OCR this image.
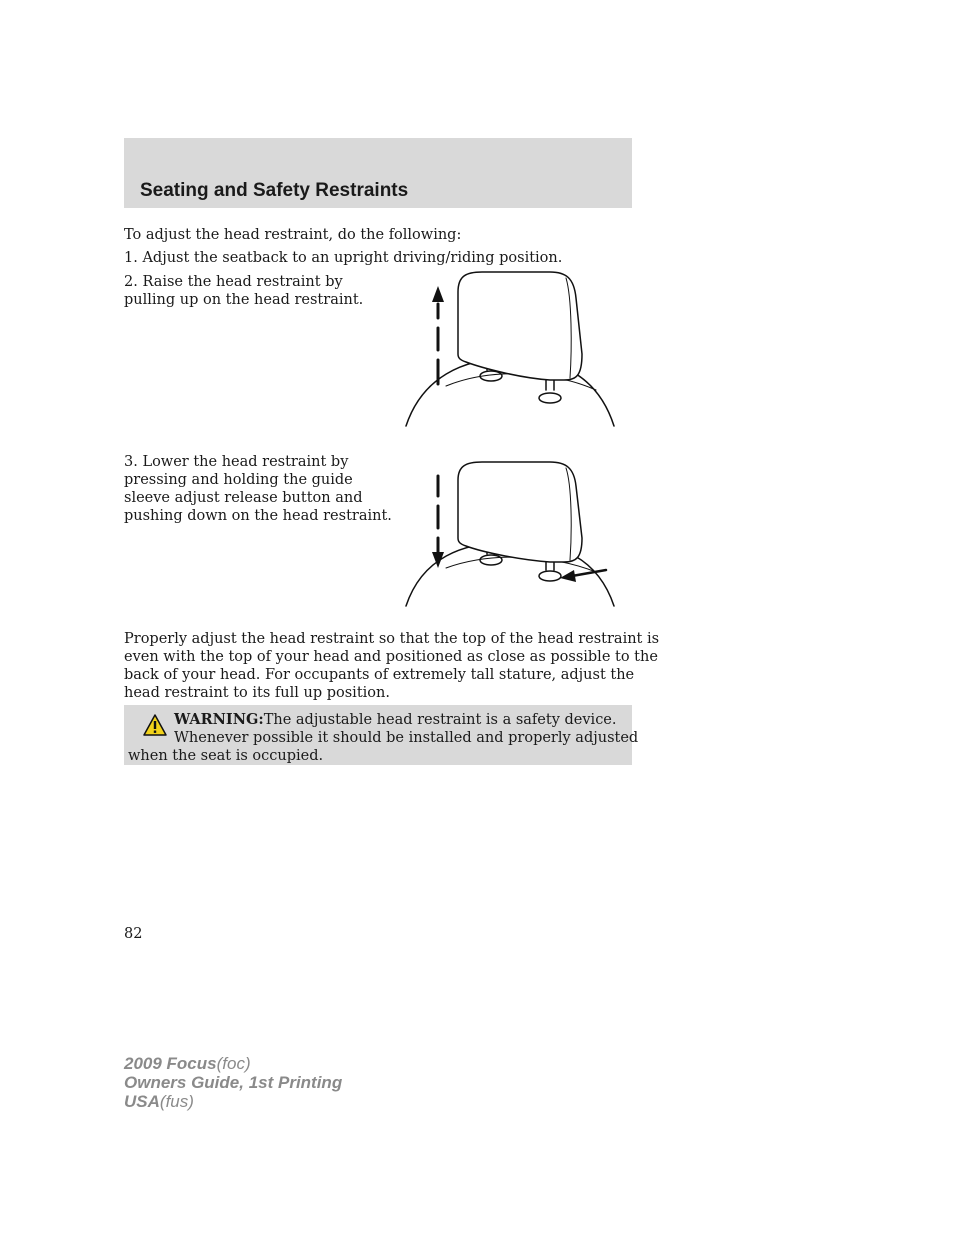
Seating and Safety Restraints

To adjust the head restraint, do the following:

1. Adjust the seatback to an upright driving/riding position.

2. Raise the head restraint by
pulling up on the head restraint.
3. Lower the head restraint by
pressing and holding the guide
sleeve adjust release button and
pushing down on the head restraint.
Properly adjust the head restraint so that the top of the head restraint is
even with the top of your head and positioned as close as possible to the
back of your head. For occupants of extremely tall stature, adjust the
head restraint to its full up position.
WARNING:The adjustable head restraint is a safety device.
Whenever possible it should be installed and properly adjusted
when the seat is occupied.
82
2009 Focus(foc)
Owners Guide, 1st Printing
USA(fus)
